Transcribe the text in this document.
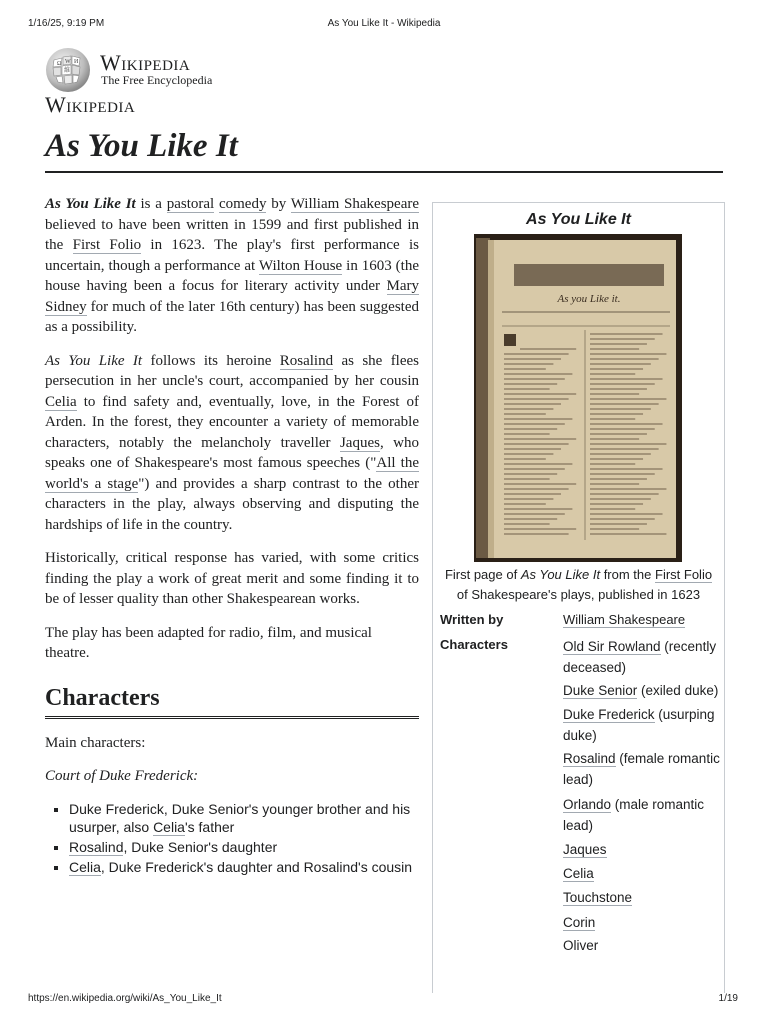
1/16/25, 9:19 PM	As You Like It - Wikipedia
Ω W И
維 Wikipedia
The Free Encyclopedia
Wikipedia
As You Like It

As You Like It is a pastoral comedy by William Shakespeare believed to have been written in 1599 and first published in the First Folio in 1623. The play's first performance is uncertain, though a performance at Wilton House in 1603 (the house having been a focus for literary activity under Mary Sidney for much of the later 16th century) has been suggested as a possibility.

As You Like It follows its heroine Rosalind as she flees persecution in her uncle's court, accompanied by her cousin Celia to find safety and, eventually, love, in the Forest of Arden. In the forest, they encounter a variety of memorable characters, notably the melancholy traveller Jaques, who speaks one of Shakespeare's most famous speeches ("All the world's a stage") and provides a sharp contrast to the other characters in the play, always observing and disputing the hardships of life in the country.

Historically, critical response has varied, with some critics finding the play a work of great merit and some finding it to be of lesser quality than other Shakespearean works.

The play has been adapted for radio, film, and musical theatre.

Characters

Main characters:

Court of Duke Frederick:

▪ Duke Frederick, Duke Senior's younger brother and his usurper, also Celia's father
▪ Rosalind, Duke Senior's daughter
▪ Celia, Duke Frederick's daughter and Rosalind's cousin
As You Like It
As you Like it.
First page of As You Like It from the First Folio
of Shakespeare's plays, published in 1623
Written by	William Shakespeare
Characters	Old Sir Rowland (recently deceased)
Duke Senior (exiled duke)
Duke Frederick (usurping duke)
Rosalind (female romantic lead)
Orlando (male romantic lead)
Jaques
Celia
Touchstone
Corin
Oliver
https://en.wikipedia.org/wiki/As_You_Like_It	1/19
